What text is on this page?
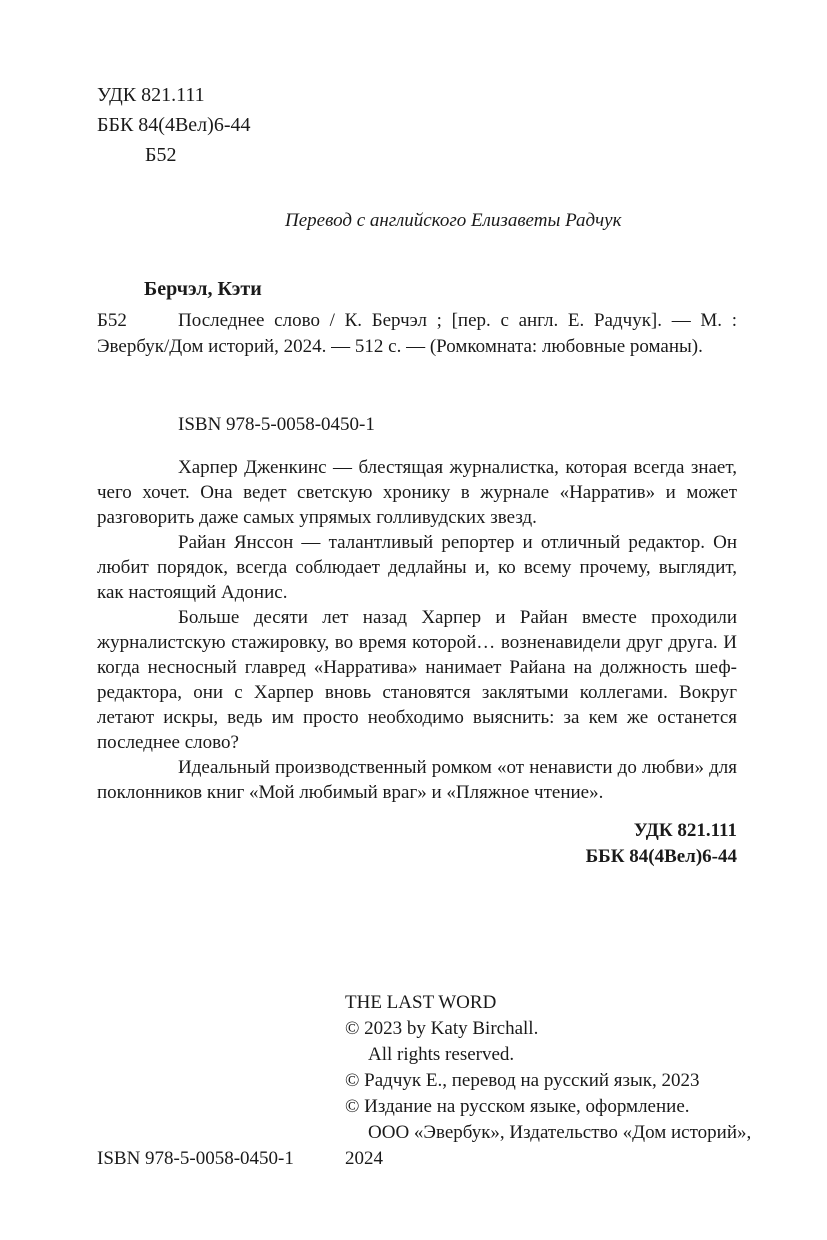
УДК 821.111
ББК 84(4Вел)6-44
Б52
Перевод с английского Елизаветы Радчук
Берчэл, Кэти
Б52	Последнее слово / К. Берчэл ; [пер. с англ. Е. Радчук]. — М. : Эвербук/Дом историй, 2024. — 512 с. — (Ромкомната: любовные романы).

ISBN 978-5-0058-0450-1

Харпер Дженкинс — блестящая журналистка, которая всегда знает, чего хочет. Она ведет светскую хронику в журнале «Нарратив» и может разговорить даже самых упрямых голливудских звезд.

Райан Янссон — талантливый репортер и отличный редактор. Он любит порядок, всегда соблюдает дедлайны и, ко всему прочему, выглядит, как настоящий Адонис.

Больше десяти лет назад Харпер и Райан вместе проходили журналистскую стажировку, во время которой… возненавидели друг друга. И когда несносный главред «Нарратива» нанимает Райана на должность шеф-редактора, они с Харпер вновь становятся заклятыми коллегами. Вокруг летают искры, ведь им просто необходимо выяснить: за кем же останется последнее слово?

Идеальный производственный ромком «от ненависти до любви» для поклонников книг «Мой любимый враг» и «Пляжное чтение».

УДК 821.111
ББК 84(4Вел)6-44
THE LAST WORD
© 2023 by Katy Birchall.
All rights reserved.
© Радчук Е., перевод на русский язык, 2023
© Издание на русском языке, оформление.
ООО «Эвербук», Издательство «Дом историй»,
2024
ISBN 978-5-0058-0450-1
